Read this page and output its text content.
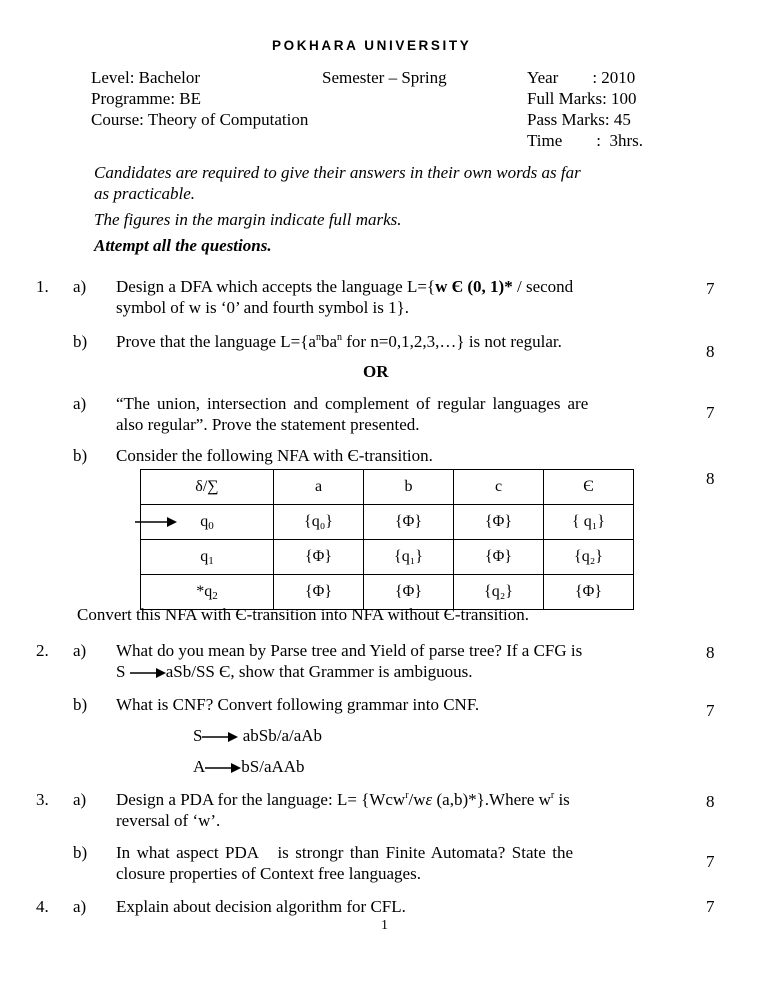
POKHARA UNIVERSITY
Level: Bachelor	Semester – Spring
Programme: BE
Course: Theory of Computation
Year        : 2010
Full Marks: 100
Pass Marks: 45
Time        :  3hrs.
Candidates are required to give their answers in their own words as far
as practicable.
The figures in the margin indicate full marks.
Attempt all the questions.
1. a) Design a DFA which accepts the language L={w Є (0, 1)* / second
symbol of w is ‘0’ and fourth symbol is 1}.
7
b) Prove that the language $L=\{a^nba^n$ for n=0,1,2,3,…} is not regular.
8
OR
a) “The union, intersection and complement of regular languages are
also regular”. Prove the statement presented.
7
b) Consider the following NFA with Є-transition.
8
δ/∑	a	b	c	Є

$q_0$	{q₀}	{Φ}	{Φ}	{ q₁}
$q_1$	{Φ}	{q₁}	{Φ}	{q₂}
$*q_2$	{Φ}	{Φ}	{q₂}	{Φ}
Convert this NFA with Є-transition into NFA without Є-transition.
2. a) What do you mean by Parse tree and Yield of parse tree? If a CFG is
S aSb/SS Є, show that Grammer is ambiguous.
8
b) What is CNF? Convert following grammar into CNF.	7
S abSb/a/aAb
A bS/aAAb
3. a) Design a PDA for the language: L= {Wcw$^r$/wε (a,b)*}.Where $w^r$ is
reversal of ‘w’.
8
b) In what aspect PDA   is strongr than Finite Automata? State the
closure properties of Context free languages.
7
4. a) Explain about decision algorithm for CFL.	7
1
